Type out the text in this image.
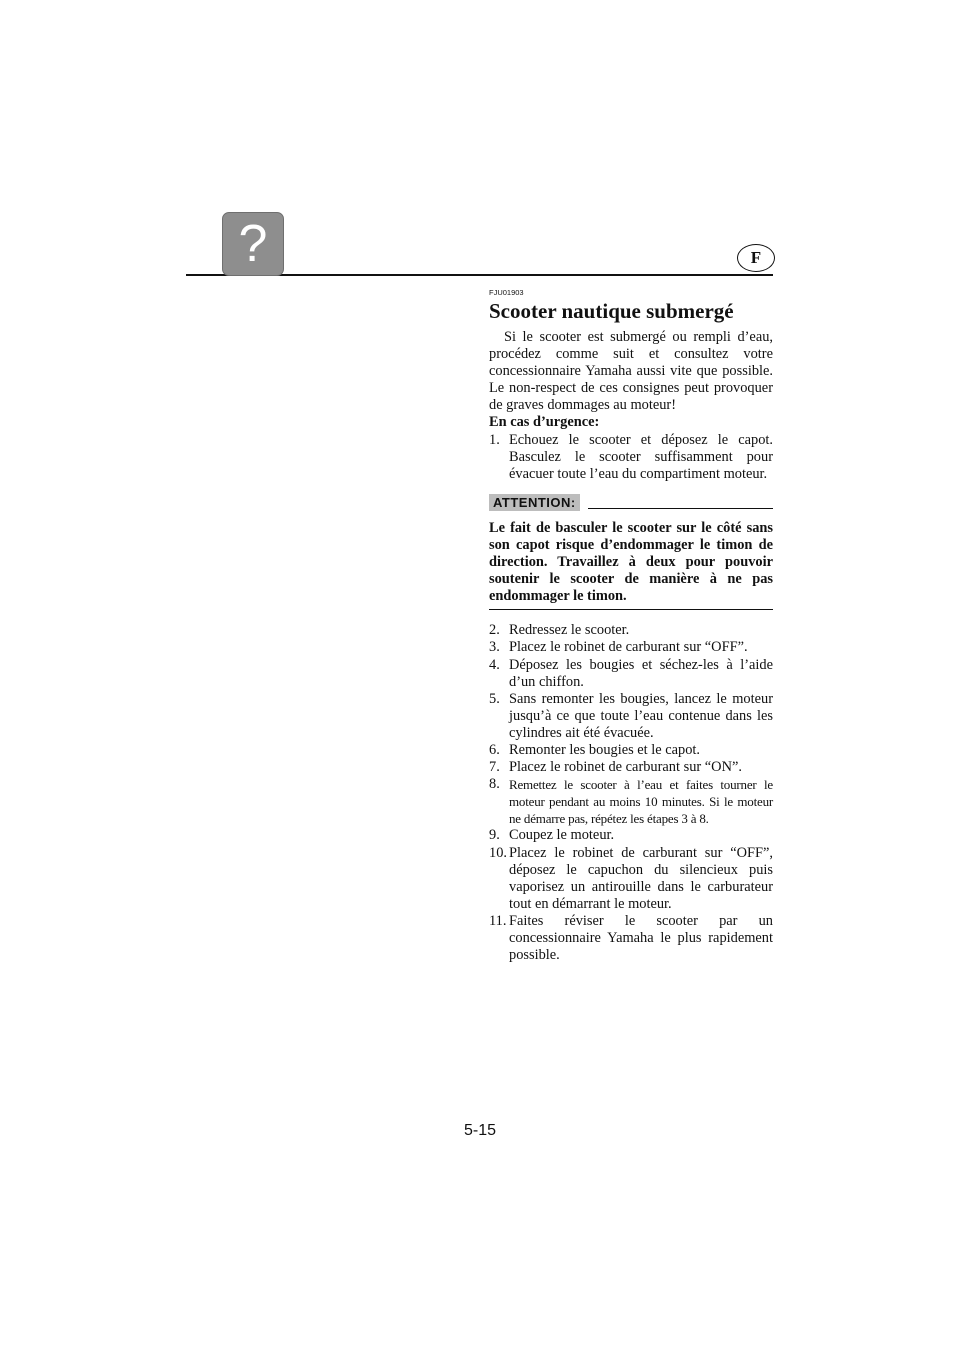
?	F
FJU01903
Scooter nautique submergé

Si le scooter est submergé ou rempli d’eau, procédez comme suit et consultez votre concessionnaire Yamaha aussi vite que possible. Le non-respect de ces consignes peut provoquer de graves dommages au moteur!

En cas d’urgence:

1. Echouez le scooter et déposez le capot. Basculez le scooter suffisamment pour évacuer toute l’eau du compartiment moteur.
ATTENTION:

Le fait de basculer le scooter sur le côté sans son capot risque d’endommager le timon de direction. Travaillez à deux pour pouvoir soutenir le scooter de manière à ne pas endommager le timon.

2. Redressez le scooter.
3. Placez le robinet de carburant sur “OFF”.
4. Déposez les bougies et séchez-les à l’aide d’un chiffon.
5. Sans remonter les bougies, lancez le moteur jusqu’à ce que toute l’eau contenue dans les cylindres ait été évacuée.
6. Remonter les bougies et le capot.
7. Placez le robinet de carburant sur “ON”.
8. Remettez le scooter à l’eau et faites tourner le moteur pendant au moins 10 minutes. Si le moteur ne démarre pas, répétez les étapes 3 à 8.
9. Coupez le moteur.
10. Placez le robinet de carburant sur “OFF”, déposez le capuchon du silencieux puis vaporisez un antirouille dans le carburateur tout en démarrant le moteur.
11. Faites réviser le scooter par un concessionnaire Yamaha le plus rapidement possible.
5-15
